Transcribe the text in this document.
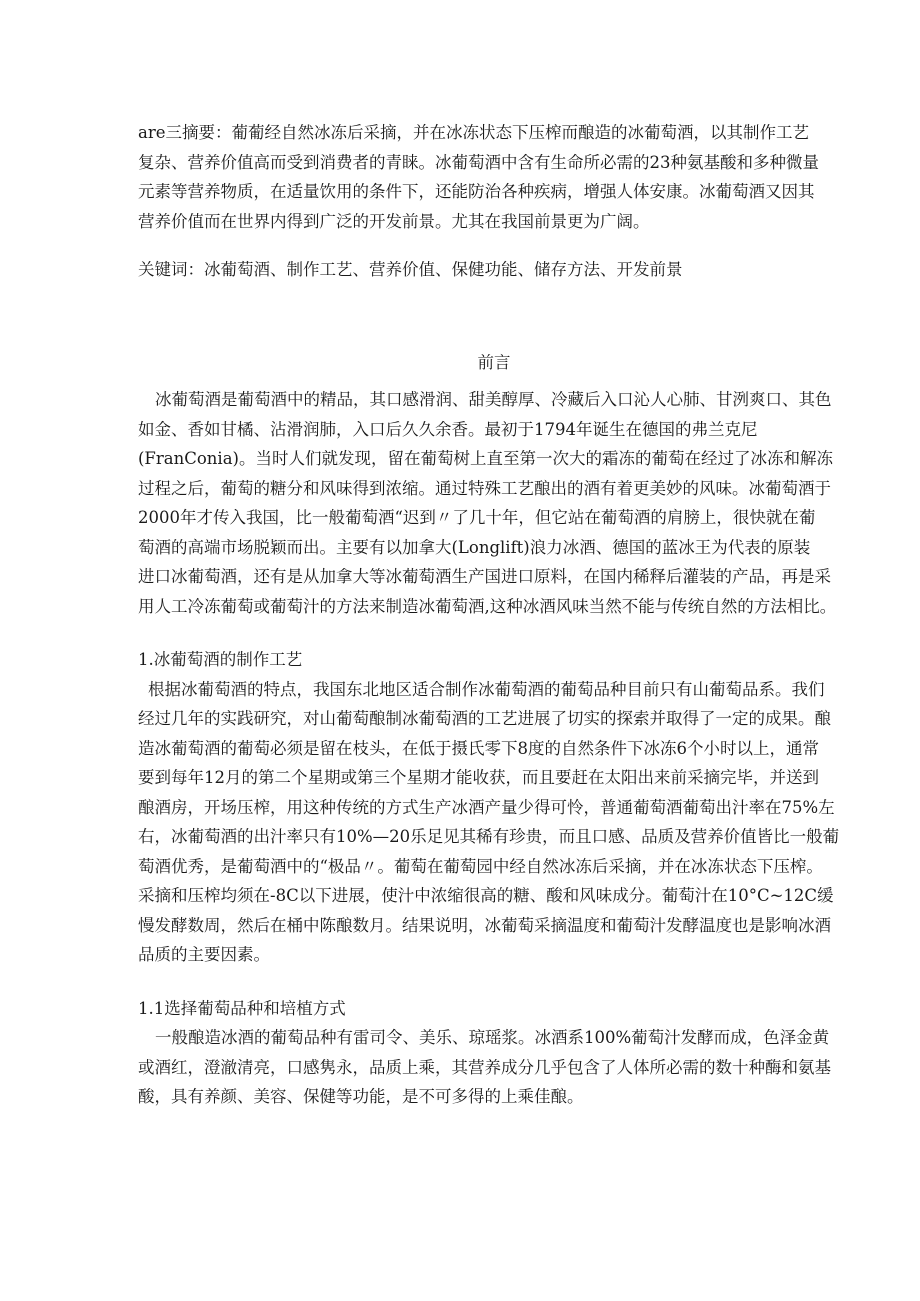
are三摘要：葡葡经自然冰冻后采摘，并在冰冻状态下压榨而酿造的冰葡萄酒，以其制作工艺
复杂、营养价值高而受到消费者的青睐。冰葡萄酒中含有生命所必需的23种氨基酸和多种微量
元素等营养物质，在适量饮用的条件下，还能防治各种疾病，增强人体安康。冰葡萄酒又因其
营养价值而在世界内得到广泛的开发前景。尤其在我国前景更为广阔。
关键词：冰葡萄酒、制作工艺、营养价值、保健功能、储存方法、开发前景
前言
冰葡萄酒是葡萄酒中的精品，其口感滑润、甜美醇厚、冷藏后入口沁人心肺、甘洌爽口、其色
如金、香如甘橘、沾滑润肺，入口后久久余香。最初于1794年诞生在德国的弗兰克尼
(FranConia)。当时人们就发现，留在葡萄树上直至第一次大的霜冻的葡萄在经过了冰冻和解冻
过程之后，葡萄的糖分和风味得到浓缩。通过特殊工艺酿出的酒有着更美妙的风味。冰葡萄酒于
2000年才传入我国，比一般葡萄酒“迟到〃了几十年，但它站在葡萄酒的肩膀上，很快就在葡
萄酒的高端市场脱颖而出。主要有以加拿大(Longlift)浪力冰酒、德国的蓝冰王为代表的原装
进口冰葡萄酒，还有是从加拿大等冰葡萄酒生产国进口原料，在国内稀释后灌装的产品，再是采
用人工冷冻葡萄或葡萄汁的方法来制造冰葡萄酒,这种冰酒风味当然不能与传统自然的方法相比。
1.冰葡萄酒的制作工艺
根据冰葡萄酒的特点，我国东北地区适合制作冰葡萄酒的葡萄品种目前只有山葡萄品系。我们
经过几年的实践研究，对山葡萄酿制冰葡萄酒的工艺进展了切实的探索并取得了一定的成果。酿
造冰葡萄酒的葡萄必须是留在枝头，在低于摄氏零下8度的自然条件下冰冻6个小时以上，通常
要到每年12月的第二个星期或第三个星期才能收获，而且要赶在太阳出来前采摘完毕，并送到
酿酒房，开场压榨，用这种传统的方式生产冰酒产量少得可怜，普通葡萄酒葡萄出汁率在75%左
右，冰葡萄酒的出汁率只有10%—20乐足见其稀有珍贵，而且口感、品质及营养价值皆比一般葡
萄酒优秀，是葡萄酒中的“极品〃。葡萄在葡萄园中经自然冰冻后采摘，并在冰冻状态下压榨。
采摘和压榨均须在-8C以下进展，使汁中浓缩很高的糖、酸和风味成分。葡萄汁在10°C~12C缓
慢发酵数周，然后在桶中陈酿数月。结果说明，冰葡萄采摘温度和葡萄汁发酵温度也是影响冰酒
品质的主要因素。
1.1选择葡萄品种和培植方式
一般酿造冰酒的葡萄品种有雷司令、美乐、琼瑶浆。冰酒系100%葡萄汁发酵而成，色泽金黄
或酒红，澄澈清亮，口感隽永，品质上乘，其营养成分几乎包含了人体所必需的数十种酶和氨基
酸，具有养颜、美容、保健等功能，是不可多得的上乘佳酿。
